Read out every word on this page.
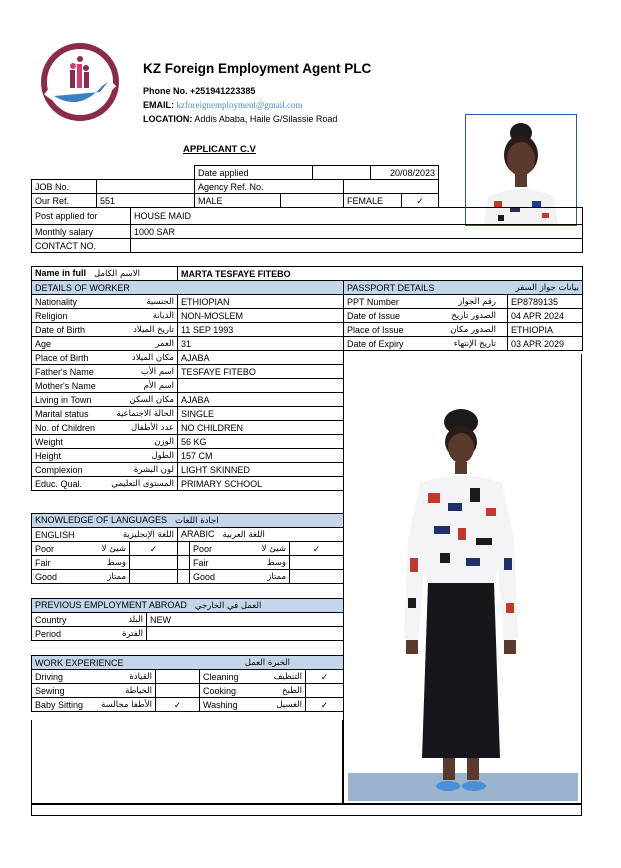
KZ Foreign Employment Agent PLC
Phone No. +251941223385
EMAIL: kzforeignemployment@gmail.com
LOCATION: Addis Ababa, Haile G/Silassie Road
APPLICANT C.V
Date applied		20/08/2023
JOB No.		Agency Ref. No.			
Our Ref.	551	MALE		FEMALE	✓
Post applied for	HOUSE MAID
Monthly salary	1000 SAR
CONTACT NO.	
Name in full الاسم الكامل	MARTA TESFAYE FITEBO
DETAILS OF WORKER	
Nationality الجنسية	ETHIOPIAN
Religion الديانة	NON-MOSLEM
Date of Birth تاريخ الميلاد	11 SEP 1993
Age العمر	31
Place of Birth مكان الميلاد	AJABA
Father's Name اسم الأب	TESFAYE FITEBO
Mother's Name اسم الأم	

Living in Town مكان السكن	AJABA
Marital status الحالة الاجتماعية	SINGLE
No. of Children عدد الأطفال	NO CHILDREN
Weight الوزن	56 KG
Height الطول	157 CM
Complexion لون البشرة	LIGHT SKINNED
Educ. Qual. المستوى التعليمي	PRIMARY SCHOOL
PASSPORT DETAILS بيانات جواز السفر	

PPT Number رقم الجواز	EP8789135
Date of Issue الصدور تاريخ	04 APR 2024
Place of Issue الصدور مكان	ETHIOPIA
Date of Expiry تاريخ الإنتهاء	03 APR 2029
KNOWLEDGE OF LANGUAGES اجادة اللغات				
ENGLISH اللغة الإنجليزية		ARABIC اللغة العربية		
Poor شيئ لا	✓		Poor شيئ لا	✓
Fair وسط			Fair وسط	

Good ممتاز			Good ممتاز	

PREVIOUS EMPLOYMENT ABROAD العمل في الخارجي	
Country البلد	NEW
Period الفترة	

WORK EXPERIENCE الخبرة العمل			

Driving القيادة		Cleaning التنظيف	✓
Sewing الخياطة		Cooking الطبخ	

Baby Sitting الأطفا مجالسة	✓	Washing الغسيل	✓
